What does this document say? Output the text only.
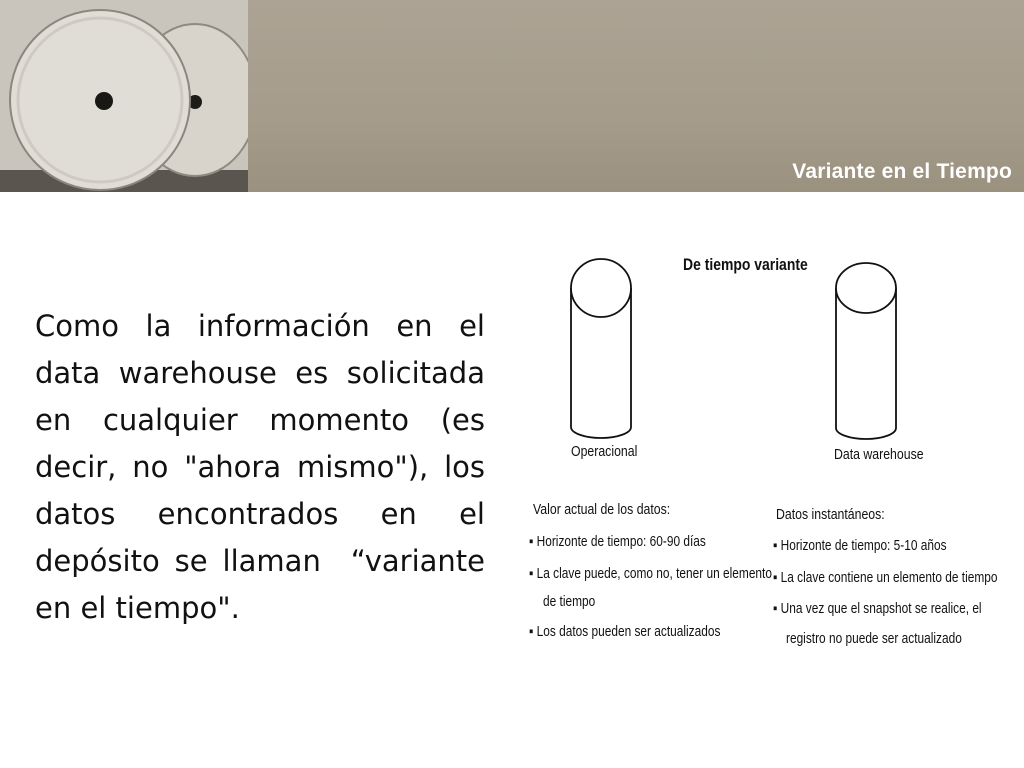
Variante en el Tiempo
Como la información en el data warehouse es solicitada en cualquier momento (es decir, no "ahora mismo"), los datos encontrados en el depósito se llaman  “variante en el tiempo".
De tiempo variante
Operacional	Data warehouse
Valor actual de los datos:
▪ Horizonte de tiempo: 60-90 días
▪ La clave puede, como no, tener un elemento
de tiempo
▪ Los datos pueden ser actualizados
Datos instantáneos:
▪ Horizonte de tiempo: 5-10 años
▪ La clave contiene un elemento de tiempo
▪ Una vez que el snapshot se realice, el
registro no puede ser actualizado
